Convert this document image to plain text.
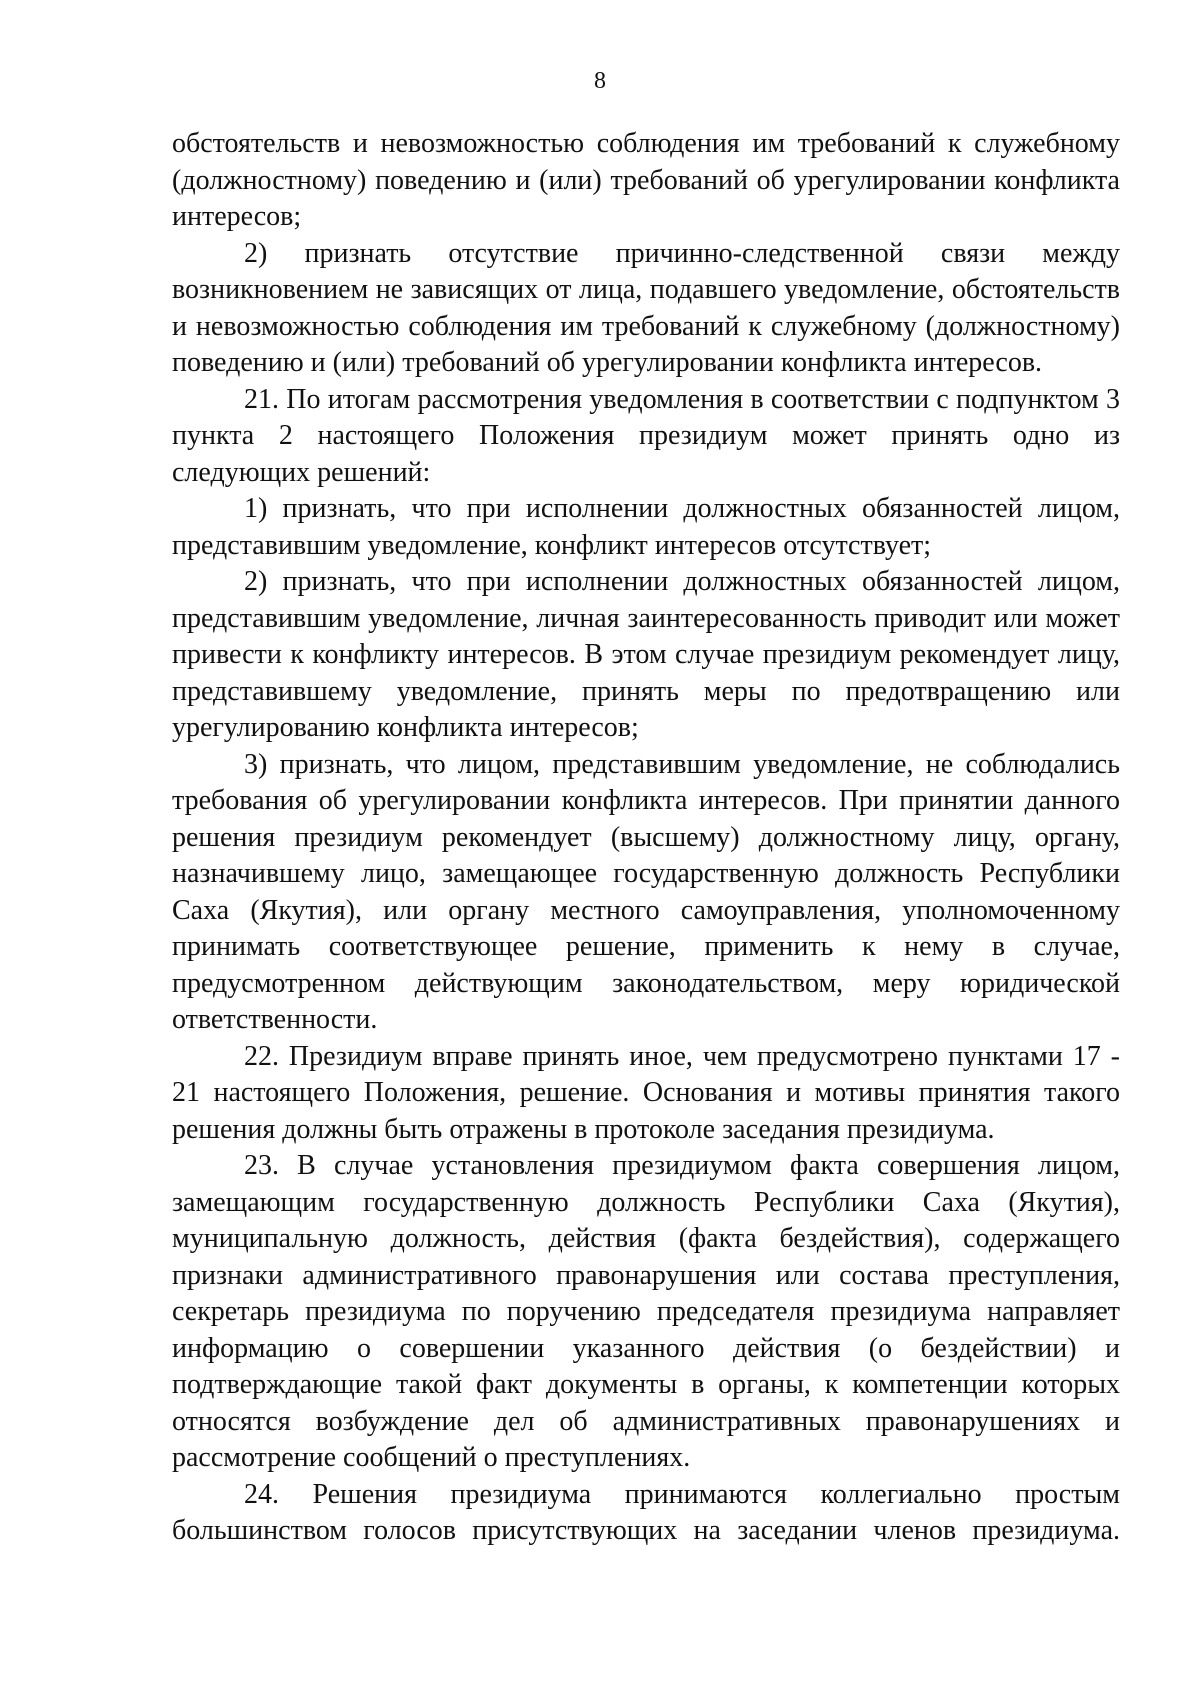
8

обстоятельств и невозможностью соблюдения им требований к служебному (должностному) поведению и (или) требований об урегулировании конфликта интересов;

2) признать отсутствие причинно-следственной связи между возникновением не зависящих от лица, подавшего уведомление, обстоятельств и невозможностью соблюдения им требований к служебному (должностному) поведению и (или) требований об урегулировании конфликта интересов.

21. По итогам рассмотрения уведомления в соответствии с подпунктом 3 пункта 2 настоящего Положения президиум может принять одно из следующих решений:

1) признать, что при исполнении должностных обязанностей лицом, представившим уведомление, конфликт интересов отсутствует;

2) признать, что при исполнении должностных обязанностей лицом, представившим уведомление, личная заинтересованность приводит или может привести к конфликту интересов. В этом случае президиум рекомендует лицу, представившему уведомление, принять меры по предотвращению или урегулированию конфликта интересов;

3) признать, что лицом, представившим уведомление, не соблюдались требования об урегулировании конфликта интересов. При принятии данного решения президиум рекомендует (высшему) должностному лицу, органу, назначившему лицо, замещающее государственную должность Республики Саха (Якутия), или органу местного самоуправления, уполномоченному принимать соответствующее решение, применить к нему в случае, предусмотренном действующим законодательством, меру юридической ответственности.

22. Президиум вправе принять иное, чем предусмотрено пунктами 17 - 21 настоящего Положения, решение. Основания и мотивы принятия такого решения должны быть отражены в протоколе заседания президиума.

23. В случае установления президиумом факта совершения лицом, замещающим государственную должность Республики Саха (Якутия), муниципальную должность, действия (факта бездействия), содержащего признаки административного правонарушения или состава преступления, секретарь президиума по поручению председателя президиума направляет информацию о совершении указанного действия (о бездействии) и подтверждающие такой факт документы в органы, к компетенции которых относятся возбуждение дел об административных правонарушениях и рассмотрение сообщений о преступлениях.

24. Решения президиума принимаются коллегиально простым большинством голосов присутствующих на заседании членов президиума.
